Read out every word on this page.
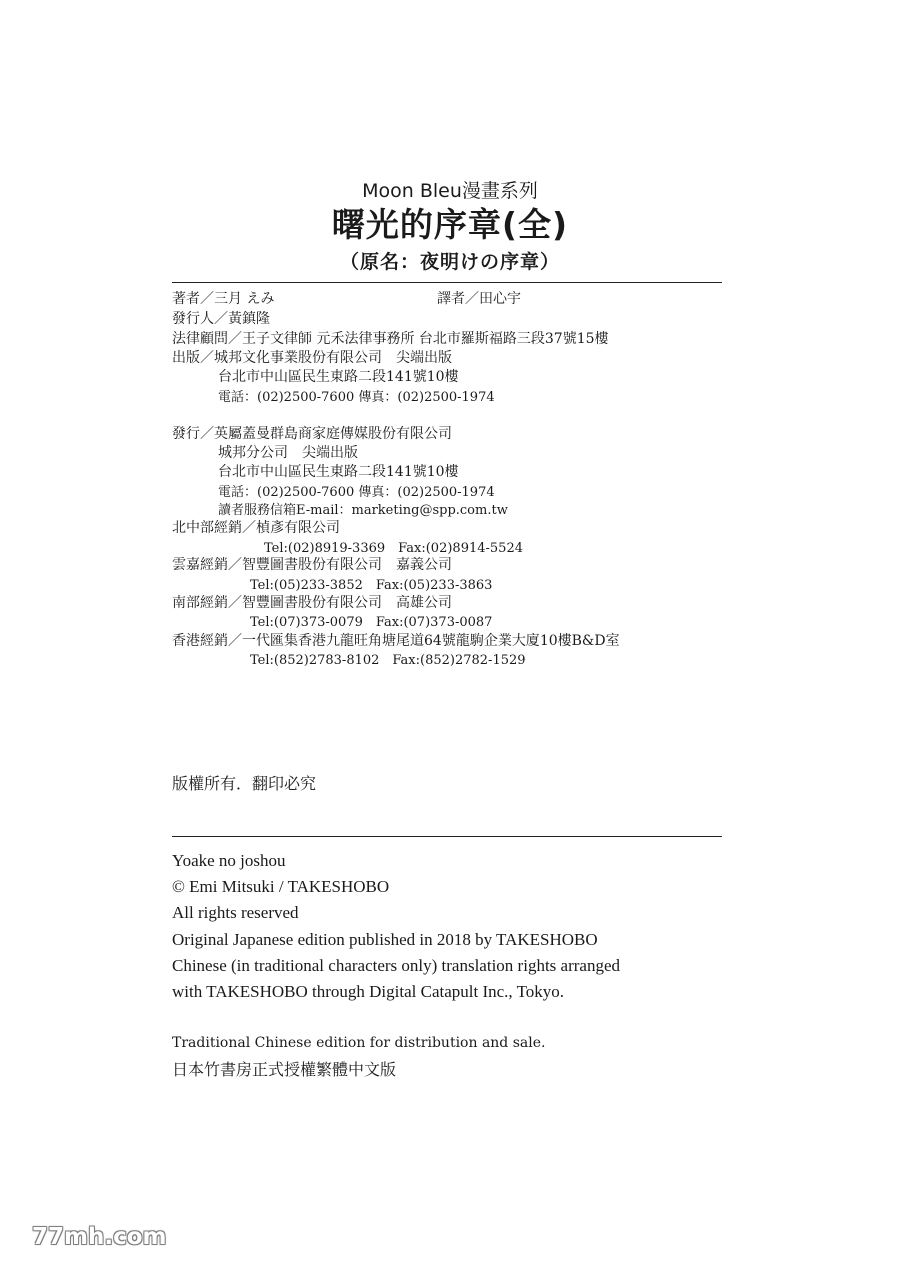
Moon Bleu漫畫系列
曙光的序章(全)
（原名：夜明けの序章）
著者／三月 えみ	譯者／田心宇
發行人／黃鎮隆
法律顧問／王子文律師 元禾法律事務所 台北市羅斯福路三段37號15樓
出版／城邦文化事業股份有限公司　尖端出版
台北市中山區民生東路二段141號10樓
電話：(02)2500-7600 傳真：(02)2500-1974
發行／英屬蓋曼群島商家庭傳媒股份有限公司
城邦分公司　尖端出版
台北市中山區民生東路二段141號10樓
電話：(02)2500-7600 傳真：(02)2500-1974
讀者服務信箱E-mail：marketing@spp.com.tw
北中部經銷／楨彥有限公司
Tel:(02)8919-3369　Fax:(02)8914-5524
雲嘉經銷／智豐圖書股份有限公司　嘉義公司
Tel:(05)233-3852　Fax:(05)233-3863
南部經銷／智豐圖書股份有限公司　高雄公司
Tel:(07)373-0079　Fax:(07)373-0087
香港經銷／一代匯集香港九龍旺角塘尾道64號龍駒企業大廈10樓B&D室
Tel:(852)2783-8102　Fax:(852)2782-1529
版權所有．翻印必究
Yoake no joshou
© Emi Mitsuki / TAKESHOBO
All rights reserved
Original Japanese edition published in 2018 by TAKESHOBO
Chinese (in traditional characters only) translation rights arranged
with TAKESHOBO through Digital Catapult Inc., Tokyo.
Traditional Chinese edition for distribution and sale.
日本竹書房正式授權繁體中文版
77mh.com
